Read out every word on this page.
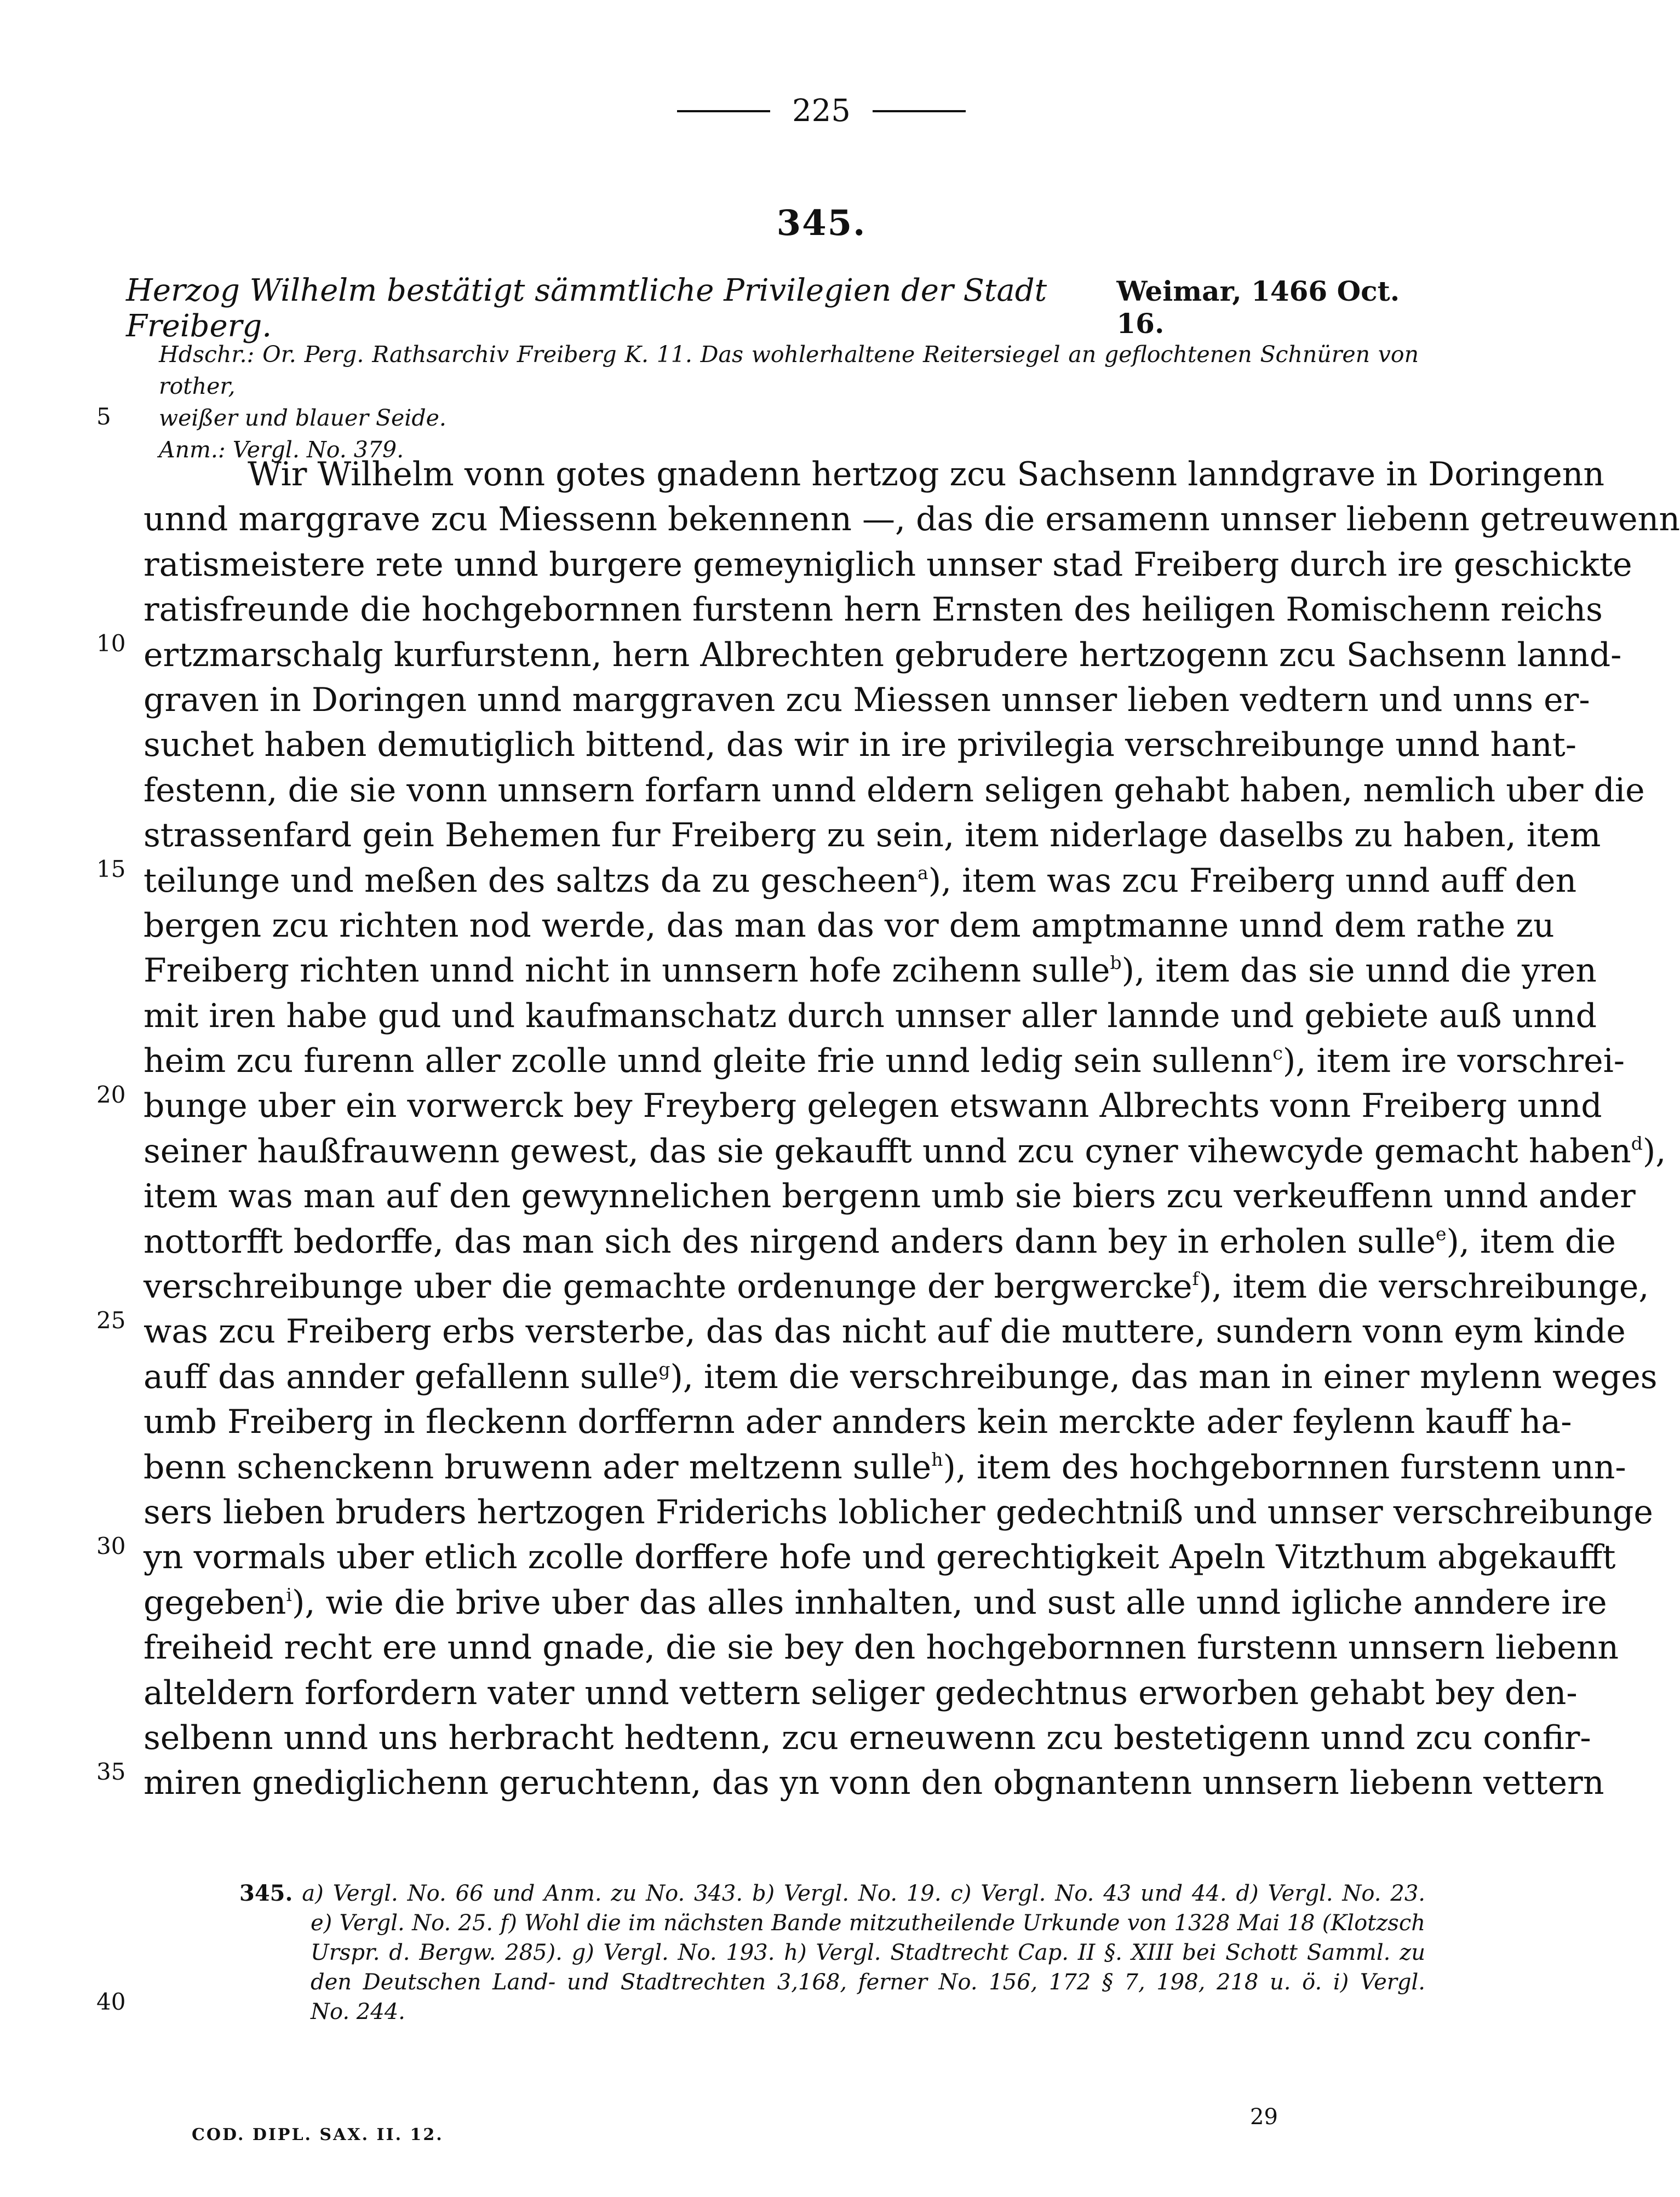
225
345.
Herzog Wilhelm bestätigt sämmtliche Privilegien der Stadt Freiberg.
Weimar, 1466 Oct. 16.

Hdschr.: Or. Perg. Rathsarchiv Freiberg K. 11. Das wohlerhaltene Reitersiegel an geflochtenen Schnüren von rother,

weißer und blauer Seide.

Anm.: Vergl. No. 379.

5
10
15
20
25
30
35
40
Wir Wilhelm vonn gotes gnadenn hertzog zcu Sachsenn lanndgrave in Doringenn
unnd marggrave zcu Miessenn bekennenn —, das die ersamenn unnser liebenn getreuwenn
ratismeistere rete unnd burgere gemeyniglich unnser stad Freiberg durch ire geschickte
ratisfreunde die hochgebornnen furstenn hern Ernsten des heiligen Romischenn reichs
ertzmarschalg kurfurstenn, hern Albrechten gebrudere hertzogenn zcu Sachsenn lannd-
graven in Doringen unnd marggraven zcu Miessen unnser lieben vedtern und unns er-
suchet haben demutiglich bittend, das wir in ire privilegia verschreibunge unnd hant-
festenn, die sie vonn unnsern forfarn unnd eldern seligen gehabt haben, nemlich uber die
strassenfard gein Behemen fur Freiberg zu sein, item niderlage daselbs zu haben, item
teilunge und meßen des saltzs da zu gescheen$^a$), item was zcu Freiberg unnd auff den
bergen zcu richten nod werde, das man das vor dem amptmanne unnd dem rathe zu
Freiberg richten unnd nicht in unnsern hofe zcihenn sulle$^b$), item das sie unnd die yren
mit iren habe gud und kaufmanschatz durch unnser aller lannde und gebiete auß unnd
heim zcu furenn aller zcolle unnd gleite frie unnd ledig sein sullenn$^c$), item ire vorschrei-
bunge uber ein vorwerck bey Freyberg gelegen etswann Albrechts vonn Freiberg unnd
seiner haußfrauwenn gewest, das sie gekaufft unnd zcu cyner vihewcyde gemacht haben$^d$),
item was man auf den gewynnelichen bergenn umb sie biers zcu verkeuffenn unnd ander
nottorfft bedorffe, das man sich des nirgend anders dann bey in erholen sulle$^e$), item die
verschreibunge uber die gemachte ordenunge der bergwercke$^f$), item die verschreibunge,
was zcu Freiberg erbs versterbe, das das nicht auf die muttere, sundern vonn eym kinde
auff das annder gefallenn sulle$^g$), item die verschreibunge, das man in einer mylenn weges
umb Freiberg in fleckenn dorffernn ader annders kein merckte ader feylenn kauff ha-
benn schenckenn bruwenn ader meltzenn sulle$^h$), item des hochgebornnen furstenn unn-
sers lieben bruders hertzogen Friderichs loblicher gedechtniß und unnser verschreibunge
yn vormals uber etlich zcolle dorffere hofe und gerechtigkeit Apeln Vitzthum abgekaufft
gegeben$^i$), wie die brive uber das alles innhalten, und sust alle unnd igliche anndere ire
freiheid recht ere unnd gnade, die sie bey den hochgebornnen furstenn unnsern liebenn
alteldern forfordern vater unnd vettern seliger gedechtnus erworben gehabt bey den-
selbenn unnd uns herbracht hedtenn, zcu erneuwenn zcu bestetigenn unnd zcu confir-
miren gnediglichenn geruchtenn, das yn vonn den obgnantenn unnsern liebenn vettern
345. a) Vergl. No. 66 und Anm. zu No. 343. b) Vergl. No. 19. c) Vergl. No. 43 und 44. d) Vergl. No. 23.
e) Vergl. No. 25. f) Wohl die im nächsten Bande mitzutheilende Urkunde von 1328 Mai 18 (Klotzsch
Urspr. d. Bergw. 285). g) Vergl. No. 193. h) Vergl. Stadtrecht Cap. II §. XIII bei Schott Samml. zu
den Deutschen Land- und Stadtrechten 3,168, ferner No. 156, 172 § 7, 198, 218 u. ö. i) Vergl.
No. 244.
COD. DIPL. SAX. II. 12.
29
